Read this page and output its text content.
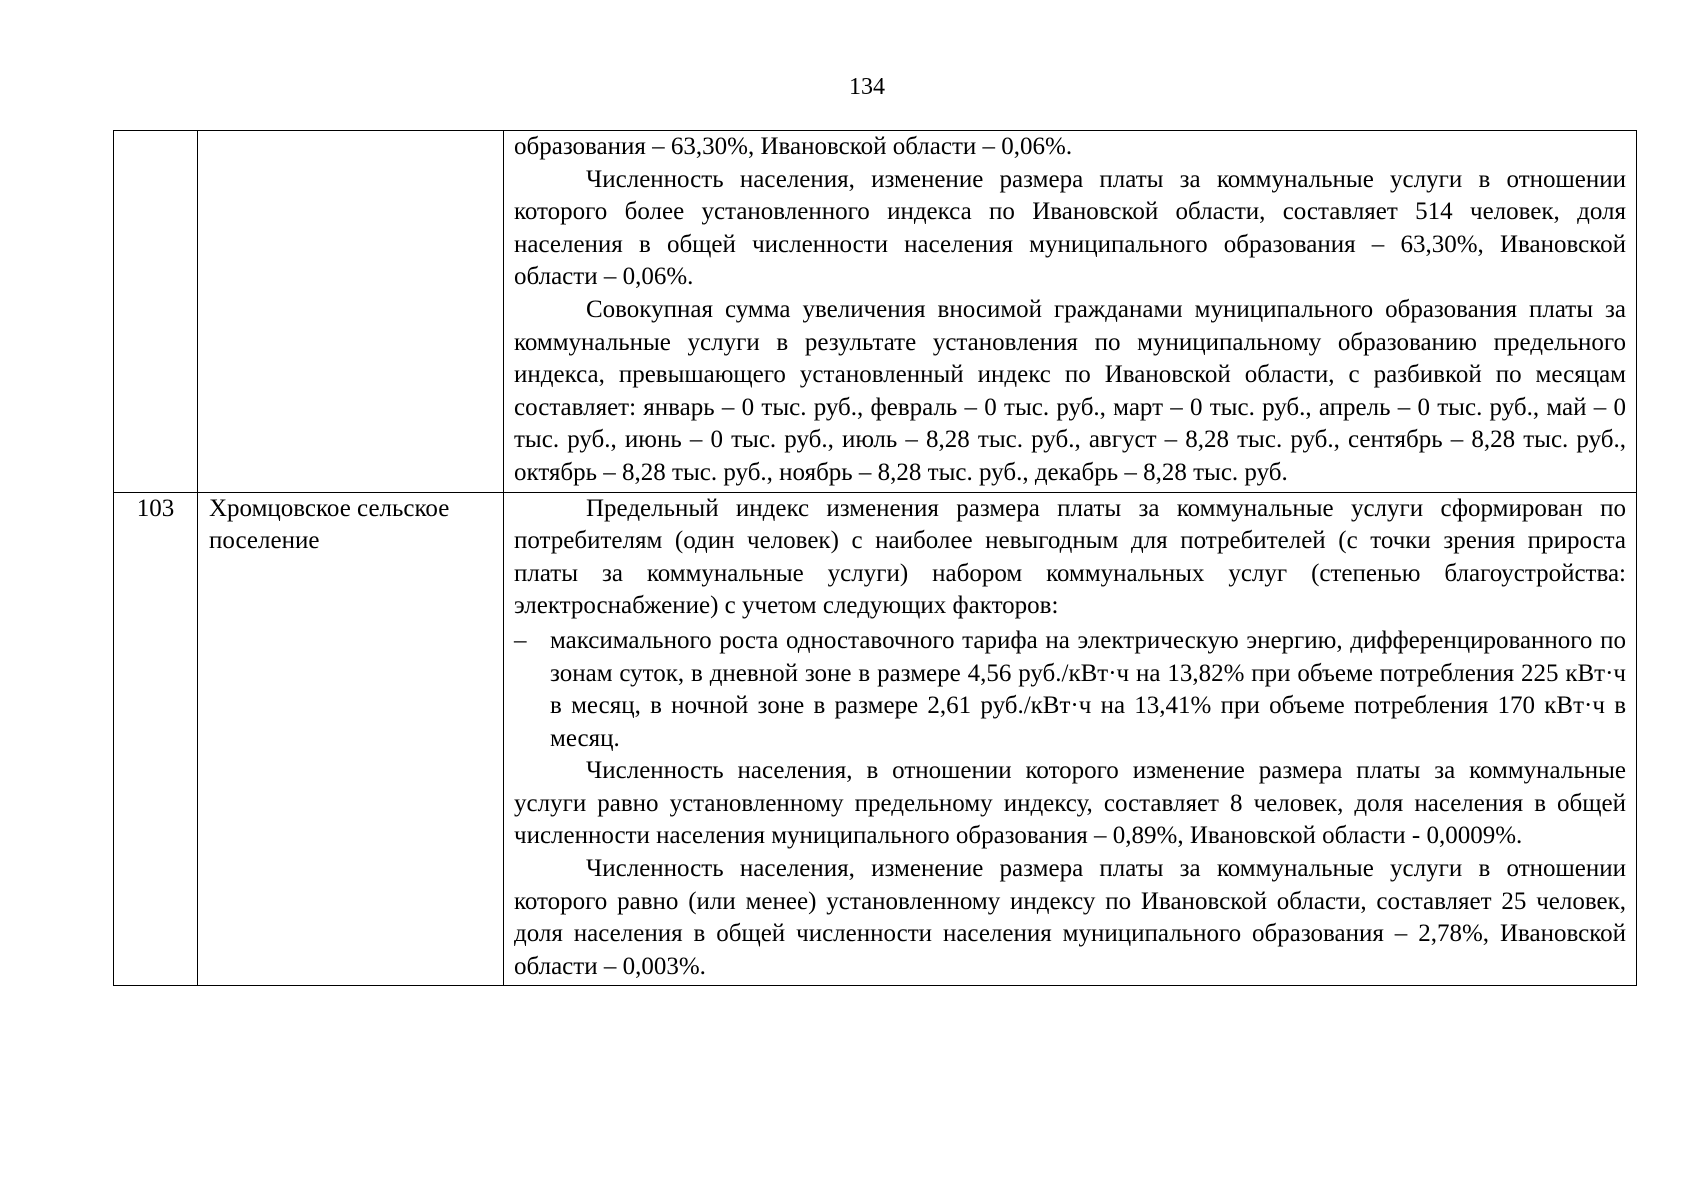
134

		образования – 63,30%, Ивановской области – 0,06%.

Численность населения, изменение размера платы за коммунальные услуги в отношении которого более установленного индекса по Ивановской области, составляет 514 человек, доля населения в общей численности населения муниципального образования – 63,30%, Ивановской области – 0,06%.

Совокупная сумма увеличения вносимой гражданами муниципального образования платы за коммунальные услуги в результате установления по муниципальному образованию предельного индекса, превышающего установленный индекс по Ивановской области, с разбивкой по месяцам составляет: январь – 0 тыс. руб., февраль – 0 тыс. руб., март – 0 тыс. руб., апрель – 0 тыс. руб., май – 0 тыс. руб., июнь – 0 тыс. руб., июль – 8,28 тыс. руб., август – 8,28 тыс. руб., сентябрь – 8,28 тыс. руб., октябрь – 8,28 тыс. руб., ноябрь – 8,28 тыс. руб., декабрь – 8,28 тыс. руб.

103	Хромцовское сельское поселение	Предельный индекс изменения размера платы за коммунальные услуги сформирован по потребителям (один человек) с наиболее невыгодным для потребителей (с точки зрения прироста платы за коммунальные услуги) набором коммунальных услуг (степенью благоустройства: электроснабжение) с учетом следующих факторов:

– максимального роста одноставочного тарифа на электрическую энергию, дифференцированного по зонам суток, в дневной зоне в размере 4,56 руб./кВт·ч на 13,82% при объеме потребления 225 кВт·ч в месяц, в ночной зоне в размере 2,61 руб./кВт·ч на 13,41% при объеме потребления 170 кВт·ч в месяц.

Численность населения, в отношении которого изменение размера платы за коммунальные услуги равно установленному предельному индексу, составляет 8 человек, доля населения в общей численности населения муниципального образования – 0,89%, Ивановской области - 0,0009%.

Численность населения, изменение размера платы за коммунальные услуги в отношении которого равно (или менее) установленному индексу по Ивановской области, составляет 25 человек, доля населения в общей численности населения муниципального образования – 2,78%, Ивановской области – 0,003%.
